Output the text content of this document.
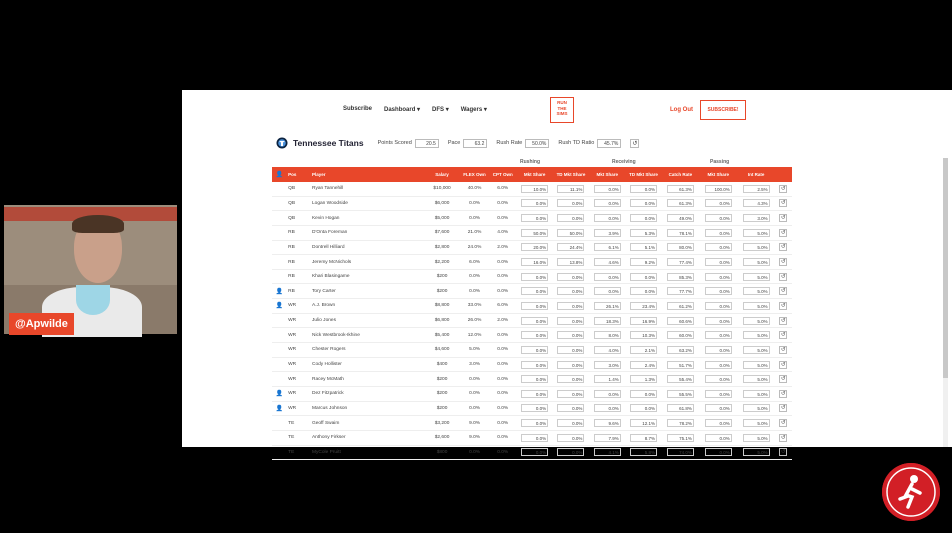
Subscribe Dashboard ▾ DFS ▾ Wagers ▾
RUN
THE
SIMS
Log Out	SUBSCRIBE!
Tennessee Titans	Points Scored	20.5	Pace	63.2	Rush Rate	50.0%	Rush TD Ratio	45.7%	↺
Rushing	Receiving	Passing
👤	Pos	Player	Salary	FLEX Own	CPT Own	Mkt Share	TD Mkt Share	Mkt Share	TD Mkt Share	Catch Rate	Mkt Share	Int Rate	
	QB	Ryan Tannehill	$10,000	40.0%	6.0%	10.0%	11.1%	0.0%	0.0%	61.3%	100.0%	2.5%	↺
	QB	Logan Woodside	$6,000	0.0%	0.0%	0.0%	0.0%	0.0%	0.0%	61.3%	0.0%	4.3%	↺
	QB	Kevin Hogan	$5,000	0.0%	0.0%	0.0%	0.0%	0.0%	0.0%	49.0%	0.0%	3.0%	↺
	RB	D'Onta Foreman	$7,600	21.0%	4.0%	50.0%	50.0%	3.9%	5.3%	78.1%	0.0%	5.0%	↺
	RB	Dontrell Hilliard	$2,800	24.0%	2.0%	20.0%	24.4%	6.1%	5.1%	80.0%	0.0%	5.0%	↺
	RB	Jeremy McNichols	$2,200	6.0%	0.0%	16.0%	13.8%	4.6%	9.2%	77.4%	0.0%	5.0%	↺
	RB	Khari Blasingame	$200	0.0%	0.0%	0.0%	0.0%	0.0%	0.0%	85.3%	0.0%	5.0%	↺
👤	RB	Tory Carter	$200	0.0%	0.0%	0.0%	0.0%	0.0%	0.0%	77.7%	0.0%	5.0%	↺
👤	WR	A.J. Brown	$8,800	33.0%	6.0%	0.0%	0.0%	26.1%	23.4%	61.2%	0.0%	5.0%	↺
	WR	Julio Jones	$6,800	26.0%	2.0%	0.0%	0.0%	18.3%	16.9%	60.6%	0.0%	5.0%	↺
	WR	Nick Westbrook-Ikhine	$5,400	12.0%	0.0%	0.0%	0.0%	8.0%	10.3%	60.0%	0.0%	5.0%	↺
	WR	Chester Rogers	$4,600	5.0%	0.0%	0.0%	0.0%	4.0%	2.1%	63.2%	0.0%	5.0%	↺
	WR	Cody Hollister	$400	3.0%	0.0%	0.0%	0.0%	3.0%	2.4%	51.7%	0.0%	5.0%	↺
	WR	Racey McMath	$200	0.0%	0.0%	0.0%	0.0%	1.4%	1.3%	55.4%	0.0%	5.0%	↺
👤	WR	Dez Fitzpatrick	$200	0.0%	0.0%	0.0%	0.0%	0.0%	0.0%	55.5%	0.0%	5.0%	↺
👤	WR	Marcus Johnson	$200	0.0%	0.0%	0.0%	0.0%	0.0%	0.0%	61.8%	0.0%	5.0%	↺
	TE	Geoff Swaim	$3,200	9.0%	0.0%	0.0%	0.0%	9.6%	12.1%	78.2%	0.0%	5.0%	↺
	TE	Anthony Firkser	$2,600	9.0%	0.0%	0.0%	0.0%	7.9%	8.7%	75.1%	0.0%	5.0%	↺
	TE	MyCole Pruitt	$800	0.0%	0.0%	0.0%	0.0%	4.1%	5.8%	74.0%	0.0%	5.0%	↺
@Apwilde
